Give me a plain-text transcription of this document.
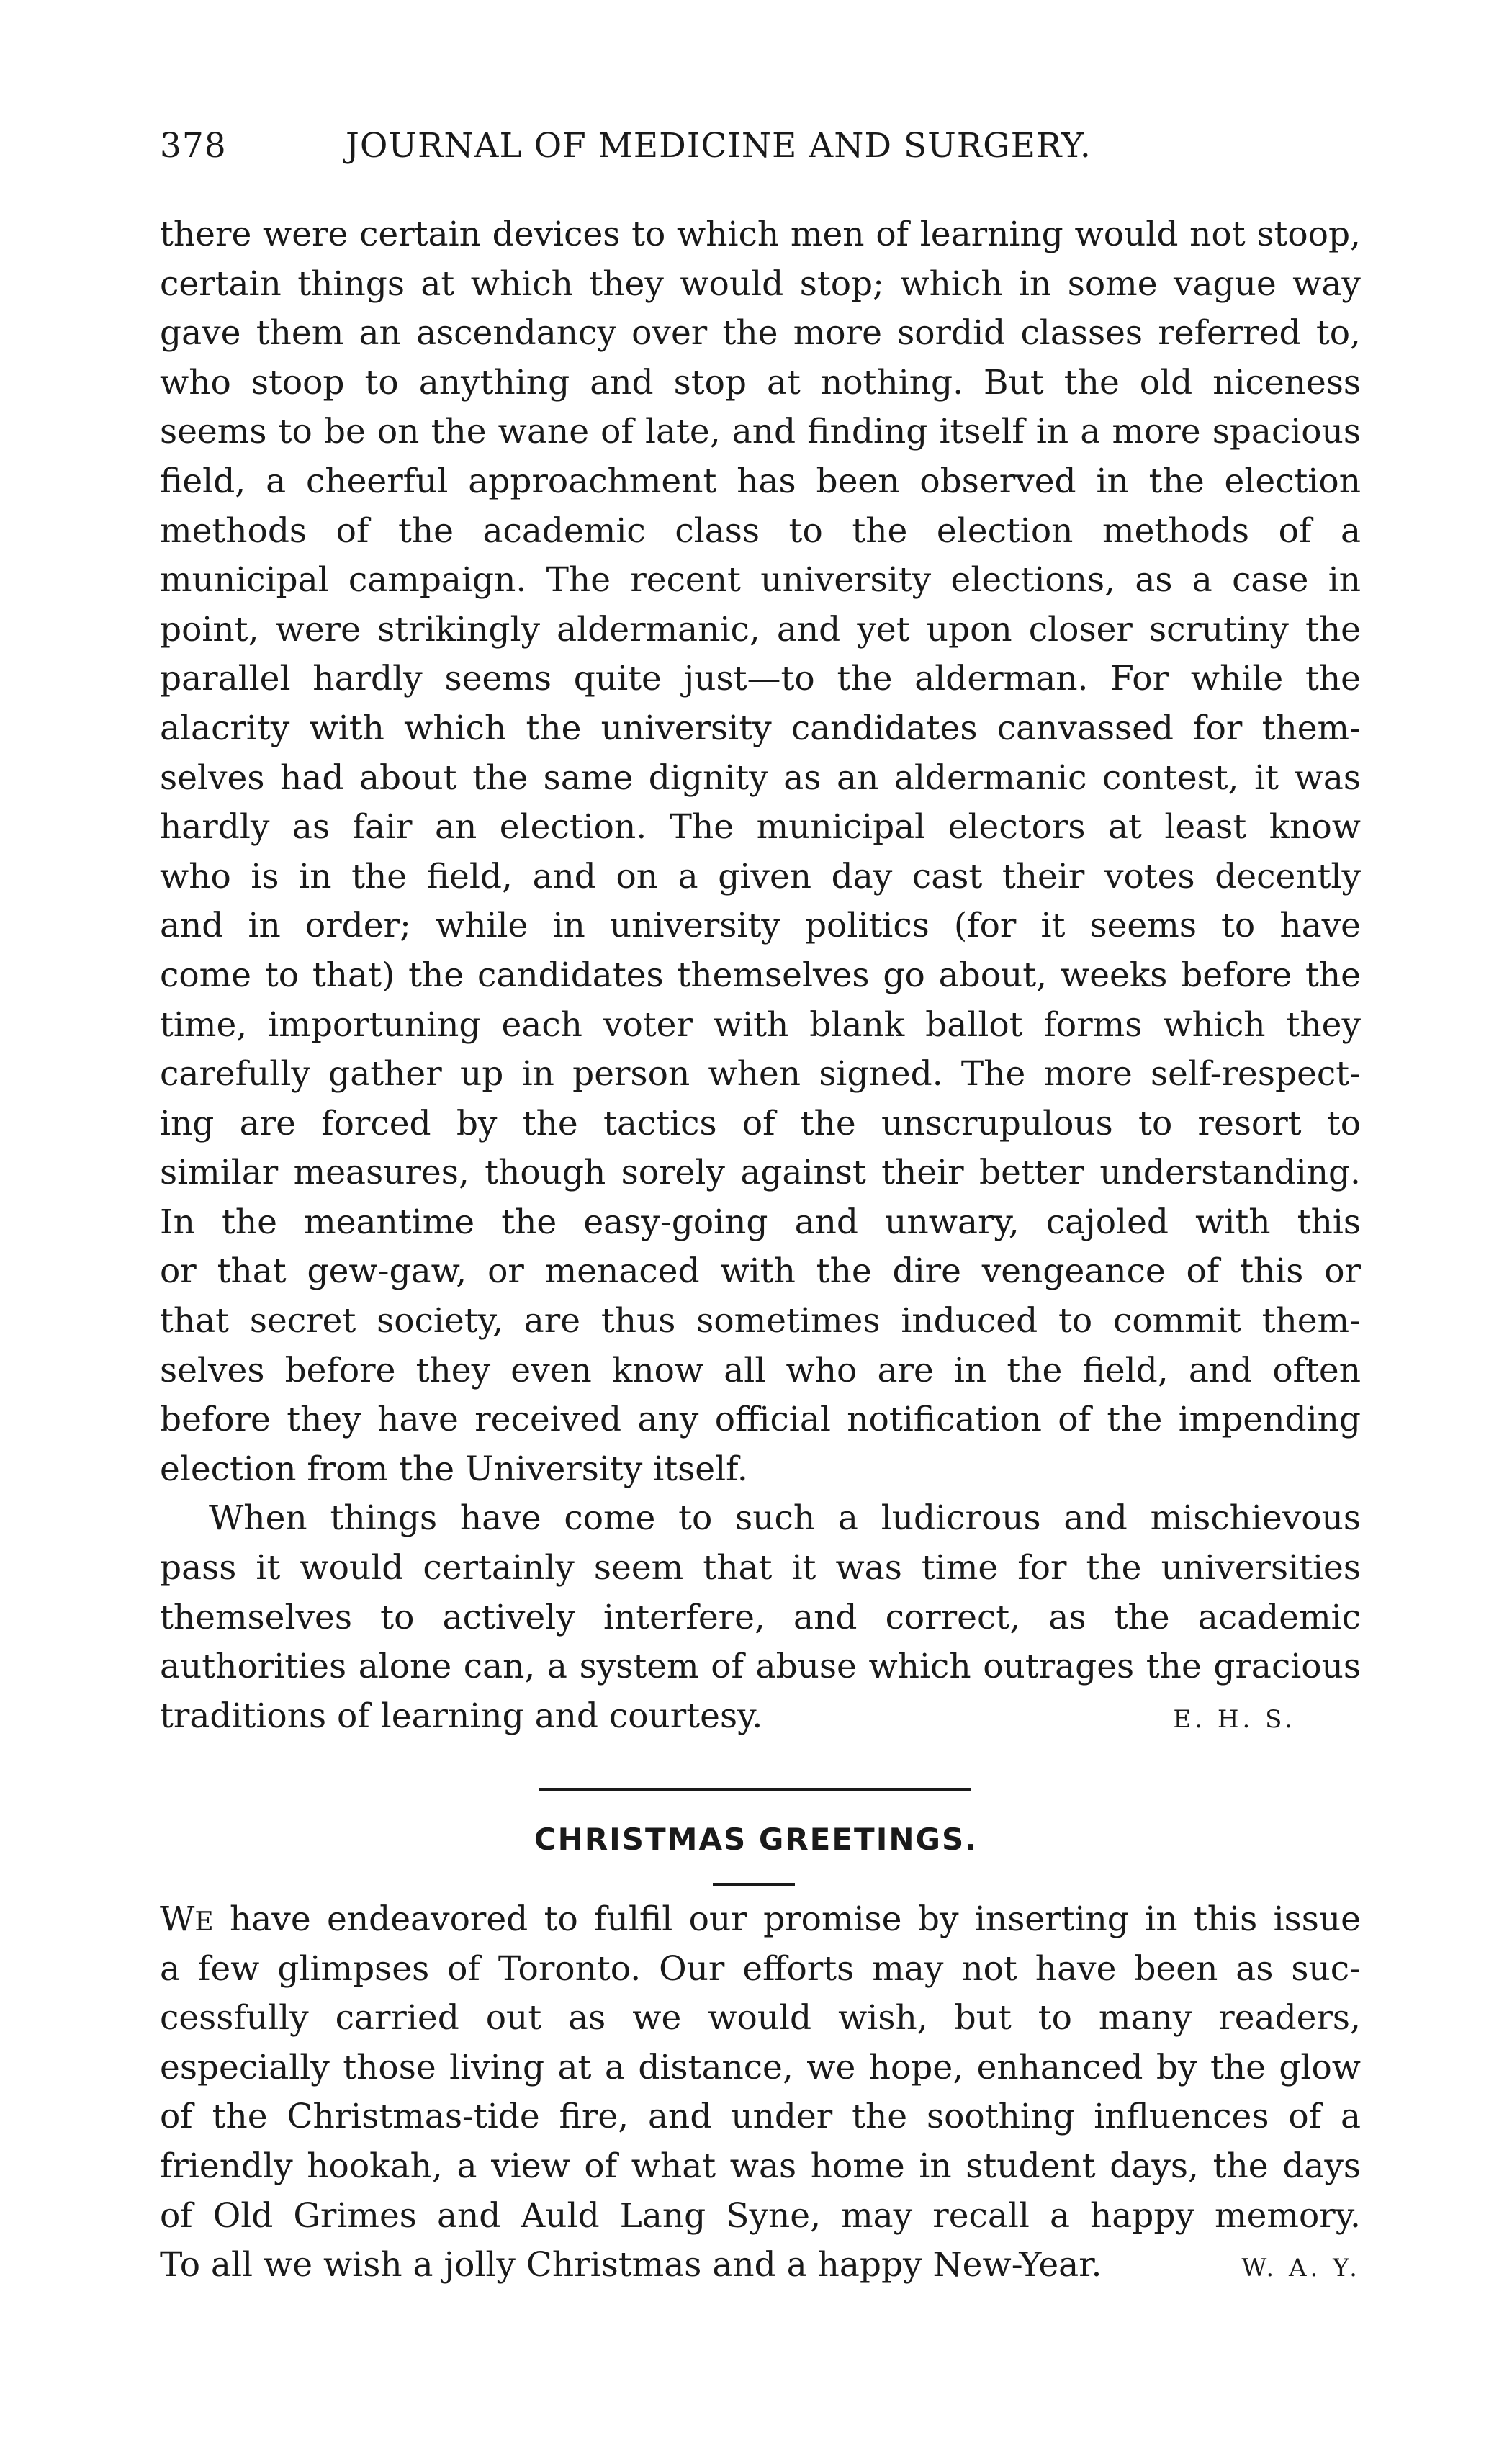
378	JOURNAL OF MEDICINE AND SURGERY.
there were certain devices to which men of learning would not stoop,
certain things at which they would stop; which in some vague way
gave them an ascendancy over the more sordid classes referred to,
who stoop to anything and stop at nothing. But the old niceness
seems to be on the wane of late, and finding itself in a more spacious
field, a cheerful approachment has been observed in the election
methods of the academic class to the election methods of a
municipal campaign. The recent university elections, as a case in
point, were strikingly aldermanic, and yet upon closer scrutiny the
parallel hardly seems quite just—to the alderman. For while the
alacrity with which the university candidates canvassed for them-
selves had about the same dignity as an aldermanic contest, it was
hardly as fair an election. The municipal electors at least know
who is in the field, and on a given day cast their votes decently
and in order; while in university politics (for it seems to have
come to that) the candidates themselves go about, weeks before the
time, importuning each voter with blank ballot forms which they
carefully gather up in person when signed. The more self-respect-
ing are forced by the tactics of the unscrupulous to resort to
similar measures, though sorely against their better understanding.
In the meantime the easy-going and unwary, cajoled with this
or that gew-gaw, or menaced with the dire vengeance of this or
that secret society, are thus sometimes induced to commit them-
selves before they even know all who are in the field, and often
before they have received any official notification of the impending
election from the University itself.
When things have come to such a ludicrous and mischievous
pass it would certainly seem that it was time for the universities
themselves to actively interfere, and correct, as the academic
authorities alone can, a system of abuse which outrages the gracious
traditions of learning and courtesy.	E. H. S.
CHRISTMAS GREETINGS.
WE have endeavored to fulfil our promise by inserting in this issue
a few glimpses of Toronto. Our efforts may not have been as suc-
cessfully carried out as we would wish, but to many readers,
especially those living at a distance, we hope, enhanced by the glow
of the Christmas-tide fire, and under the soothing influences of a
friendly hookah, a view of what was home in student days, the days
of Old Grimes and Auld Lang Syne, may recall a happy memory.
To all we wish a jolly Christmas and a happy New-Year.	W. A. Y.
